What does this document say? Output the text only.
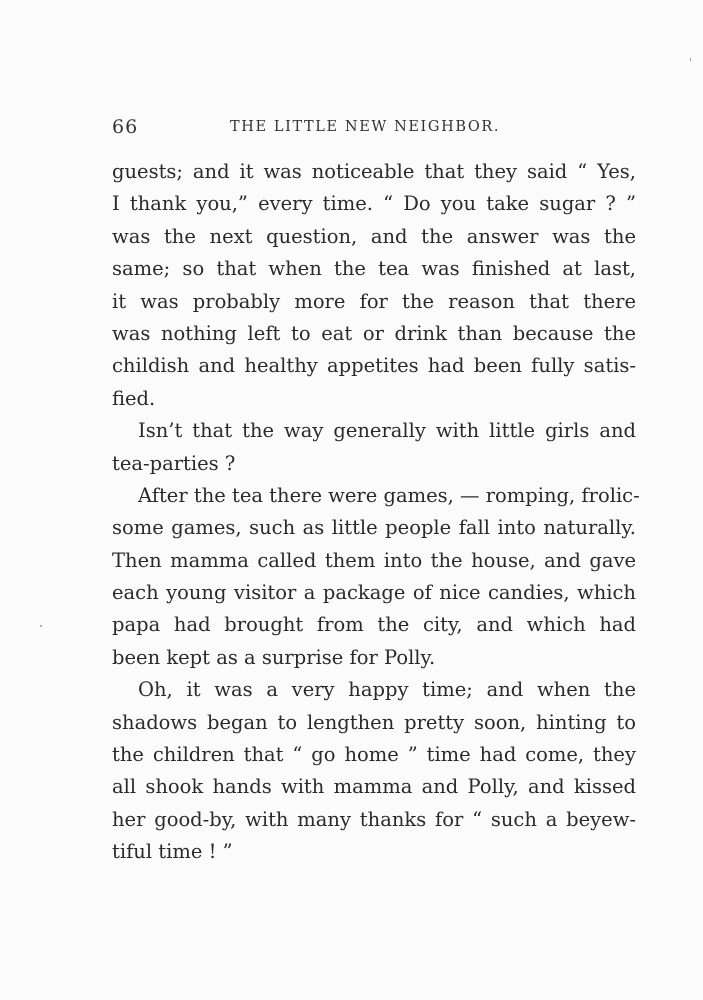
66	THE LITTLE NEW NEIGHBOR.
guests; and it was noticeable that they said “ Yes,
I thank you,” every time. “ Do you take sugar ? ”
was the next question, and the answer was the
same; so that when the tea was finished at last,
it was probably more for the reason that there
was nothing left to eat or drink than because the
childish and healthy appetites had been fully satis-
fied.
Isn’t that the way generally with little girls and
tea-parties ?
After the tea there were games, — romping, frolic-
some games, such as little people fall into naturally.
Then mamma called them into the house, and gave
each young visitor a package of nice candies, which
papa had brought from the city, and which had
been kept as a surprise for Polly.
Oh, it was a very happy time; and when the
shadows began to lengthen pretty soon, hinting to
the children that “ go home ” time had come, they
all shook hands with mamma and Polly, and kissed
her good-by, with many thanks for “ such a beyew-
tiful time ! ”
